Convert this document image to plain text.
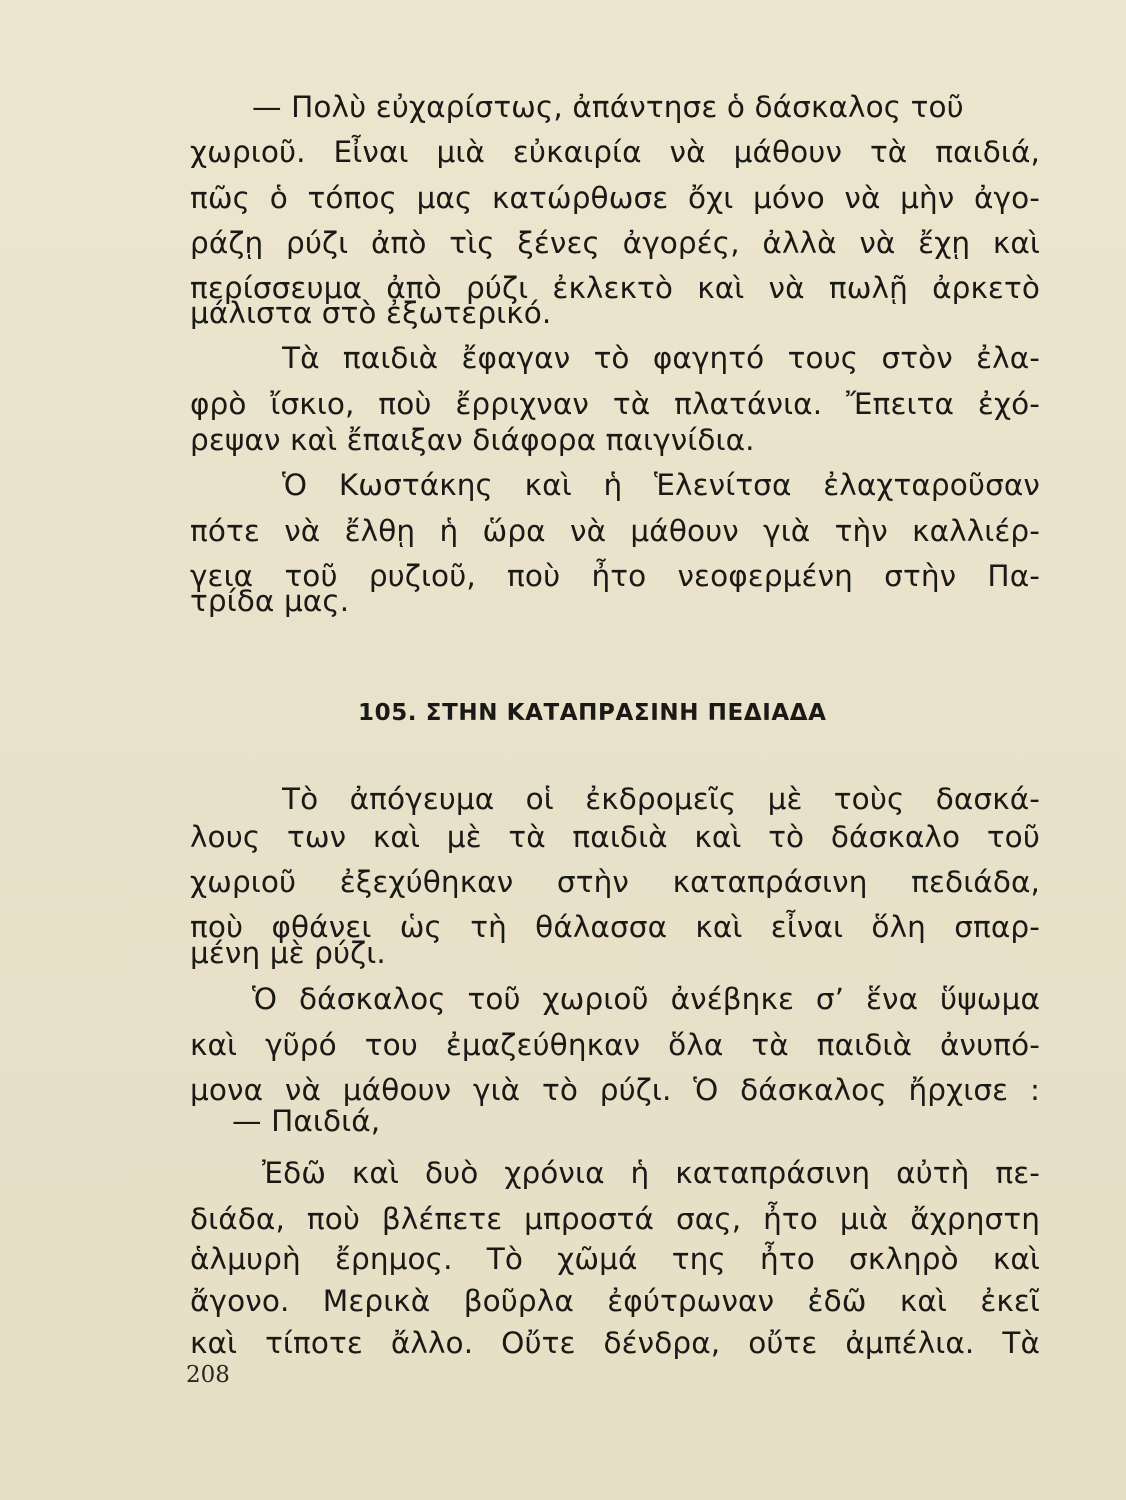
— Πολὺ εὐχαρίστως, ἀπάντησε ὁ δάσκαλος τοῦ
χωριοῦ. Εἶναι μιὰ εὐκαιρία νὰ μάθουν τὰ παιδιά,
πῶς ὁ τόπος μας κατώρθωσε ὄχι μόνο νὰ μὴν ἀγο-
ράζῃ ρύζι ἀπὸ τὶς ξένες ἀγορές, ἀλλὰ νὰ ἔχῃ καὶ
περίσσευμα ἀπὸ ρύζι ἐκλεκτὸ καὶ νὰ πωλῇ ἀρκετὸ
μάλιστα στὸ ἐξωτερικό.
Τὰ παιδιὰ ἔφαγαν τὸ φαγητό τους στὸν ἐλα-
φρὸ ἴσκιο, ποὺ ἔρριχναν τὰ πλατάνια. Ἔπειτα ἐχό-
ρεψαν καὶ ἔπαιξαν διάφορα παιγνίδια.
Ὁ Κωστάκης καὶ ἡ Ἑλενίτσα ἐλαχταροῦσαν
πότε νὰ ἔλθῃ ἡ ὥρα νὰ μάθουν γιὰ τὴν καλλιέρ-
γεια τοῦ ρυζιοῦ, ποὺ ἦτο νεοφερμένη στὴν Πα-
τρίδα μας.
105. ΣΤΗΝ ΚΑΤΑΠΡΑΣΙΝΗ ΠΕΔΙΑΔΑ
Τὸ ἀπόγευμα οἱ ἐκδρομεῖς μὲ τοὺς δασκά-
λους των καὶ μὲ τὰ παιδιὰ καὶ τὸ δάσκαλο τοῦ
χωριοῦ ἐξεχύθηκαν στὴν καταπράσινη πεδιάδα,
ποὺ φθάνει ὡς τὴ θάλασσα καὶ εἶναι ὅλη σπαρ-
μένη μὲ ρύζι.
Ὁ δάσκαλος τοῦ χωριοῦ ἀνέβηκε σ’ ἕνα ὕψωμα
καὶ γῦρό του ἐμαζεύθηκαν ὅλα τὰ παιδιὰ ἀνυπό-
μονα νὰ μάθουν γιὰ τὸ ρύζι. Ὁ δάσκαλος ἤρχισε :
— Παιδιά,
Ἐδῶ καὶ δυὸ χρόνια ἡ καταπράσινη αὐτὴ πε-
διάδα, ποὺ βλέπετε μπροστά σας, ἦτο μιὰ ἄχρηστη
ἁλμυρὴ ἔρημος. Τὸ χῶμά της ἦτο σκληρὸ καὶ
ἄγονο. Μερικὰ βοῦρλα ἐφύτρωναν ἐδῶ καὶ ἐκεῖ
καὶ τίποτε ἄλλο. Οὔτε δένδρα, οὔτε ἀμπέλια. Τὰ
208
